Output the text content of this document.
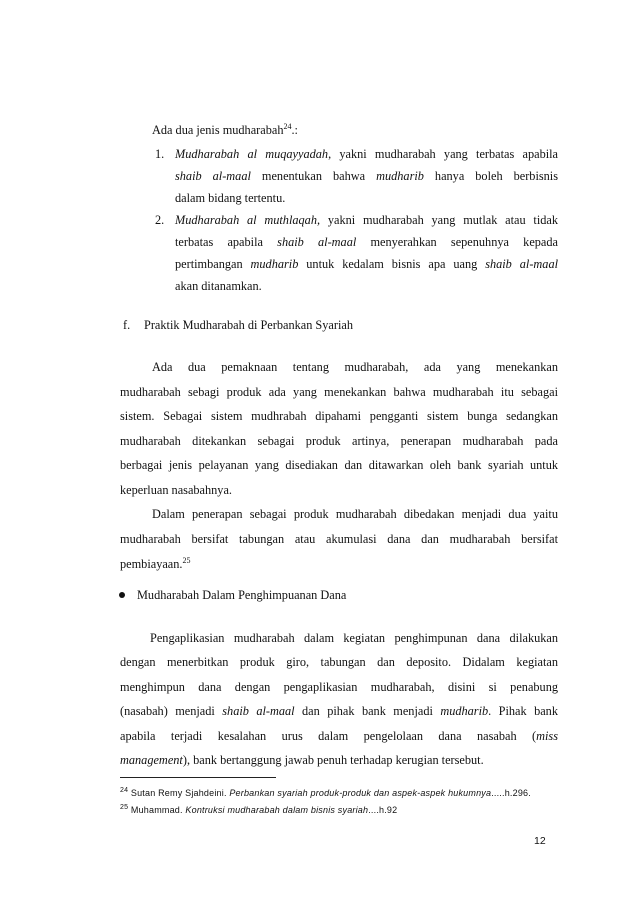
Ada dua jenis mudharabah$^{24}$.:
1. Mudharabah al muqayyadah, yakni mudharabah yang terbatas apabila
shaib al-maal menentukan bahwa mudharib hanya boleh berbisnis
dalam bidang tertentu.
2. Mudharabah al muthlaqah, yakni mudharabah yang mutlak atau tidak
terbatas apabila shaib al-maal menyerahkan sepenuhnya kepada
pertimbangan mudharib untuk kedalam bisnis apa uang shaib al-maal
akan ditanamkan.
f. Praktik Mudharabah di Perbankan Syariah
Ada dua pemaknaan tentang mudharabah, ada yang menekankan
mudharabah sebagi produk ada yang menekankan bahwa mudharabah itu sebagai
sistem. Sebagai sistem mudhrabah dipahami pengganti sistem bunga sedangkan
mudharabah ditekankan sebagai produk artinya, penerapan mudharabah pada
berbagai jenis pelayanan yang disediakan dan ditawarkan oleh bank syariah untuk
keperluan nasabahnya.
Dalam penerapan sebagai produk mudharabah dibedakan menjadi dua yaitu
mudharabah bersifat tabungan atau akumulasi dana dan mudharabah bersifat
pembiayaan.$^{25}$
Mudharabah Dalam Penghimpuanan Dana
Pengaplikasian mudharabah dalam kegiatan penghimpunan dana dilakukan
dengan menerbitkan produk giro, tabungan dan deposito. Didalam kegiatan
menghimpun dana dengan pengaplikasian mudharabah, disini si penabung
(nasabah) menjadi shaib al-maal dan pihak bank menjadi mudharib. Pihak bank
apabila terjadi kesalahan urus dalam pengelolaan dana nasabah (miss
management), bank bertanggung jawab penuh terhadap kerugian tersebut.
$^{24}$ Sutan Remy Sjahdeini. Perbankan syariah produk-produk dan aspek-aspek hukumnya.....h.296.
$^{25}$ Muhammad. Kontruksi mudharabah dalam bisnis syariah....h.92
12
